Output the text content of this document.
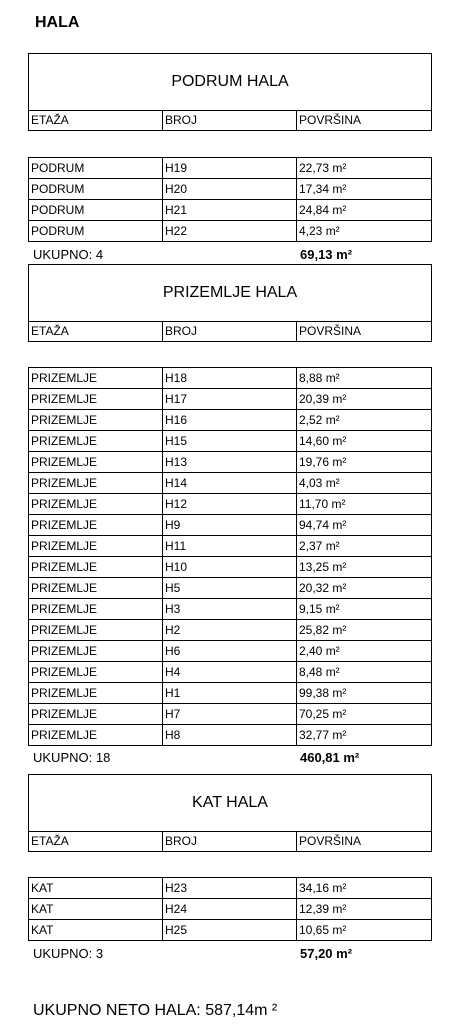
HALA
PODRUM HALA
ETAŽA	BROJ	POVRŠINA
PODRUM	H19	22,73 m²
PODRUM	H20	17,34 m²
PODRUM	H21	24,84 m²
PODRUM	H22	4,23 m²
UKUPNO: 4	69,13 m²
PRIZEMLJE HALA
ETAŽA	BROJ	POVRŠINA
PRIZEMLJE	H18	8,88 m²
PRIZEMLJE	H17	20,39 m²
PRIZEMLJE	H16	2,52 m²
PRIZEMLJE	H15	14,60 m²
PRIZEMLJE	H13	19,76 m²
PRIZEMLJE	H14	4,03 m²
PRIZEMLJE	H12	11,70 m²
PRIZEMLJE	H9	94,74 m²
PRIZEMLJE	H11	2,37 m²
PRIZEMLJE	H10	13,25 m²
PRIZEMLJE	H5	20,32 m²
PRIZEMLJE	H3	9,15 m²
PRIZEMLJE	H2	25,82 m²
PRIZEMLJE	H6	2,40 m²
PRIZEMLJE	H4	8,48 m²
PRIZEMLJE	H1	99,38 m²
PRIZEMLJE	H7	70,25 m²
PRIZEMLJE	H8	32,77 m²
UKUPNO: 18	460,81 m²
KAT HALA
ETAŽA	BROJ	POVRŠINA
KAT	H23	34,16 m²
KAT	H24	12,39 m²
KAT	H25	10,65 m²
UKUPNO: 3	57,20 m²
UKUPNO NETO HALA: 587,14m ²
